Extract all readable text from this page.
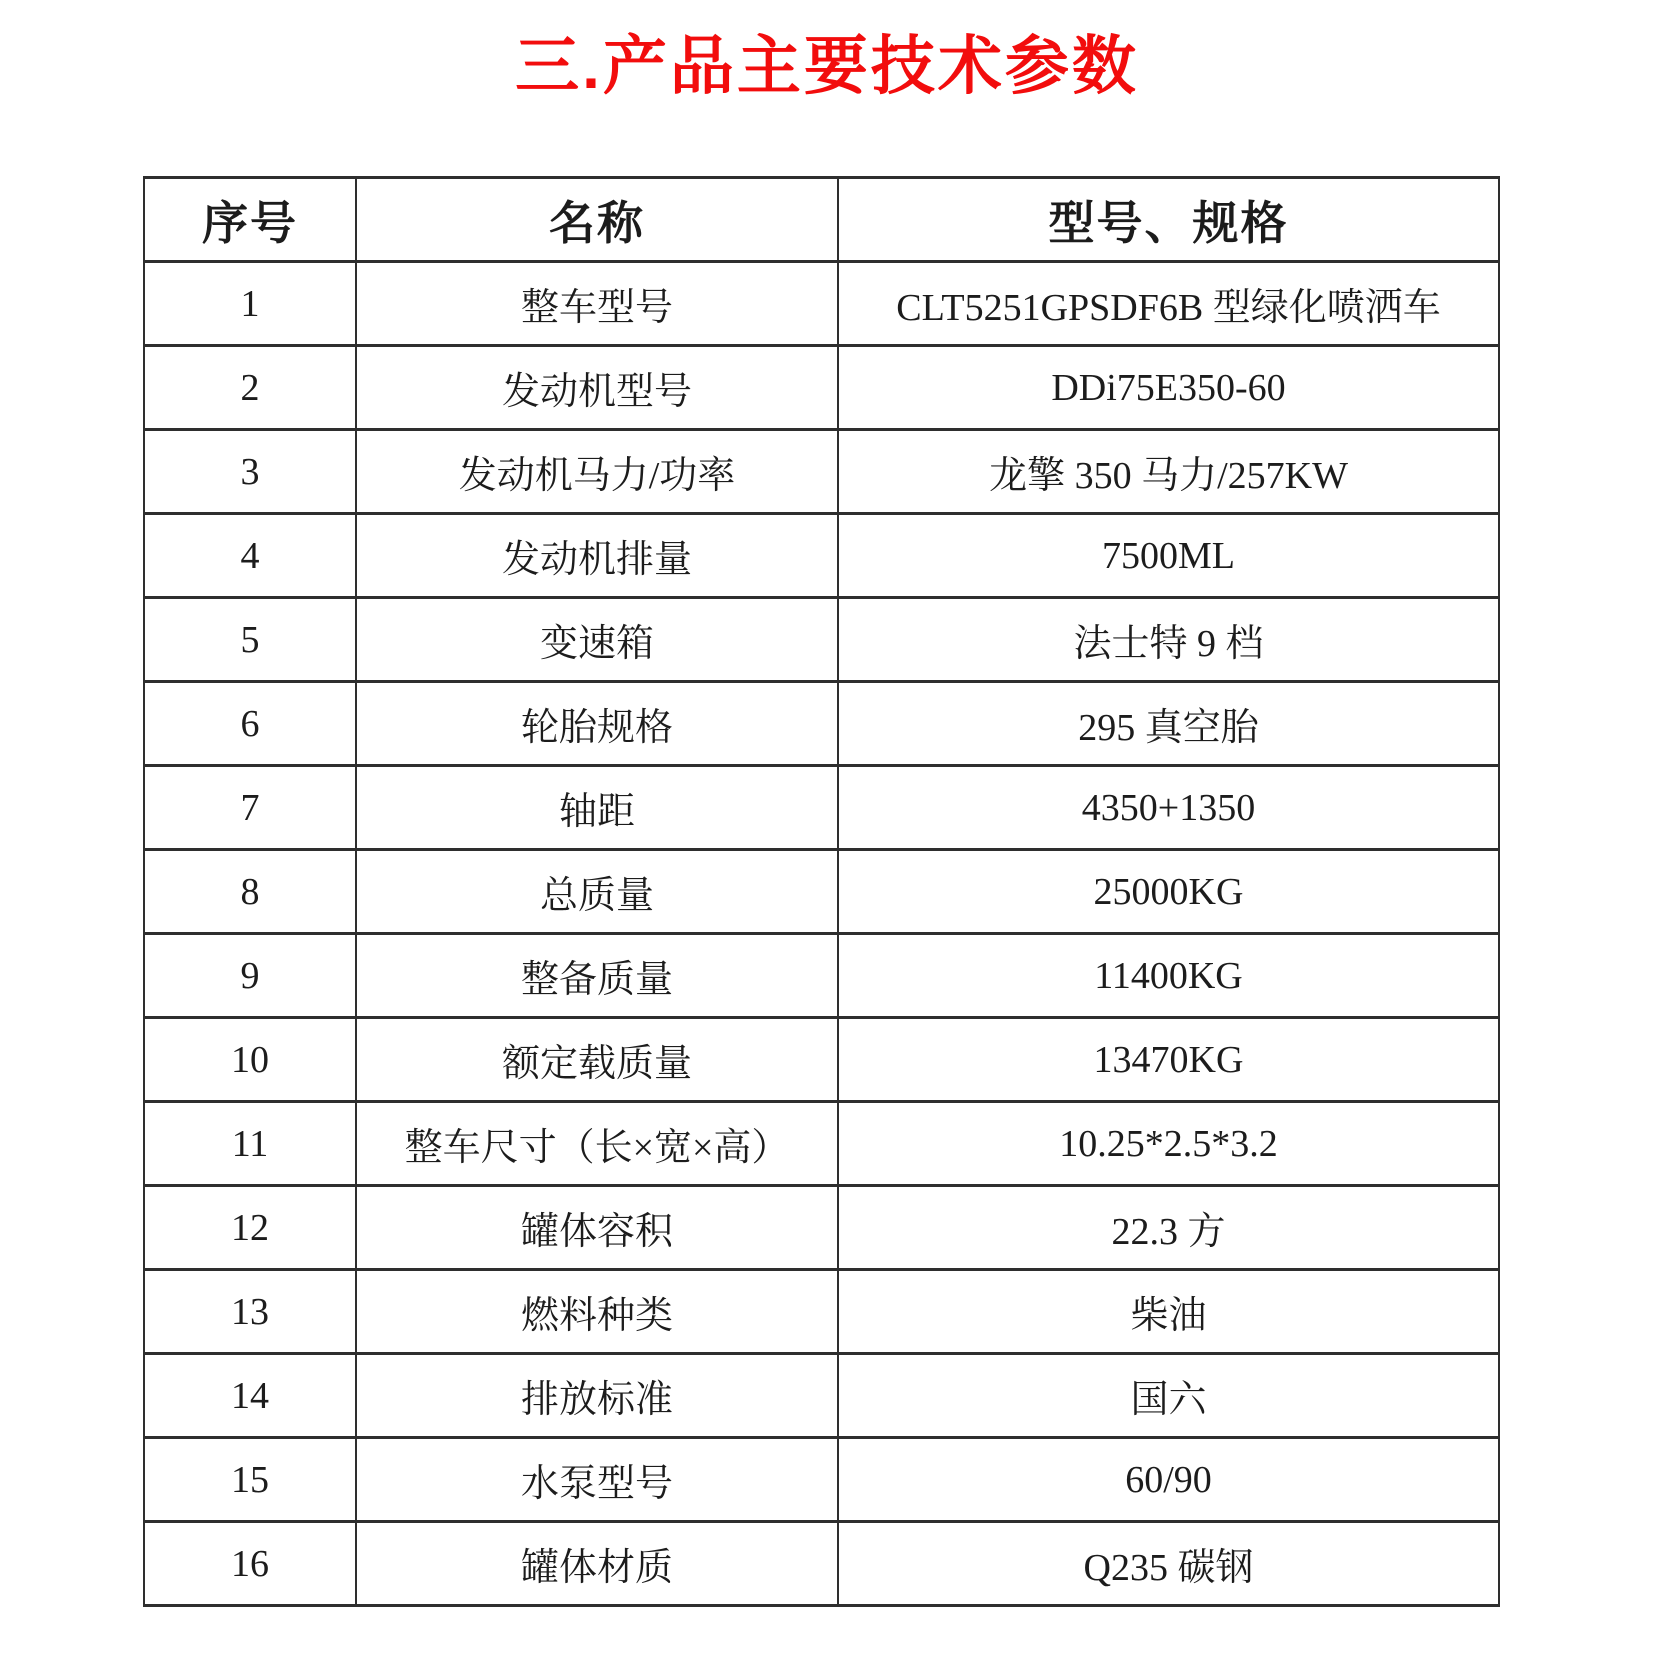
三.产品主要技术参数
序号	名称	型号、规格
1	整车型号	CLT5251GPSDF6B 型绿化喷洒车
2	发动机型号	DDi75E350-60
3	发动机马力/功率	龙擎 350 马力/257KW
4	发动机排量	7500ML
5	变速箱	法士特 9 档
6	轮胎规格	295 真空胎
7	轴距	4350+1350
8	总质量	25000KG
9	整备质量	11400KG
10	额定载质量	13470KG
11	整车尺寸（长×宽×高）	10.25*2.5*3.2
12	罐体容积	22.3 方
13	燃料种类	柴油
14	排放标准	国六
15	水泵型号	60/90
16	罐体材质	Q235 碳钢
